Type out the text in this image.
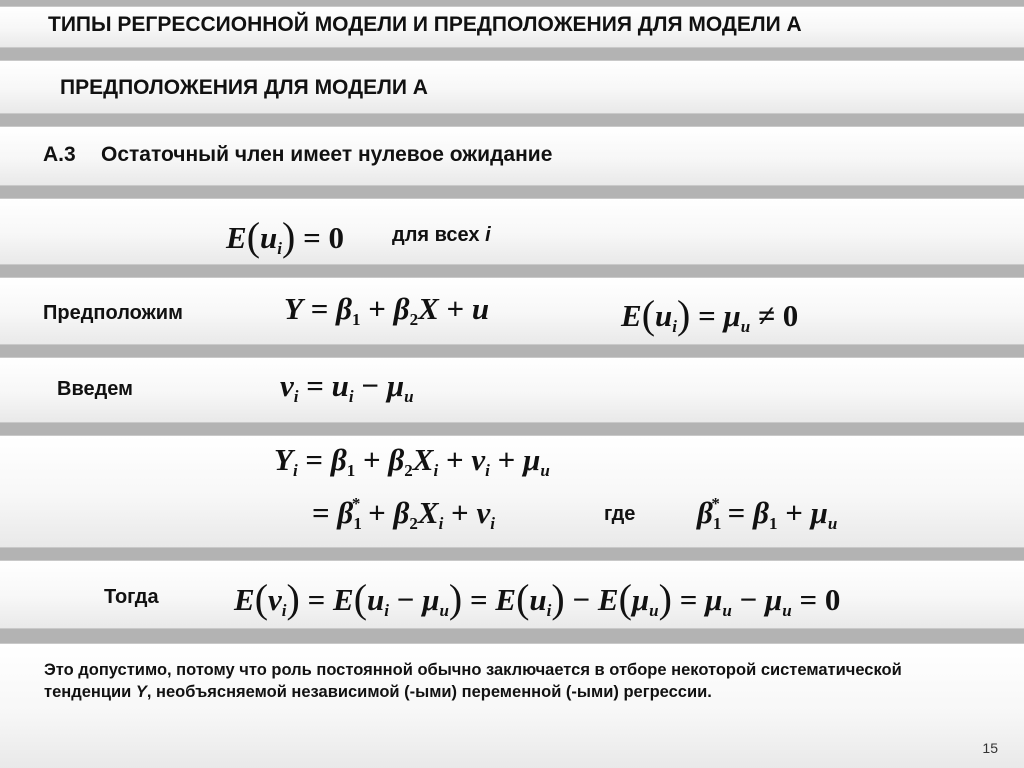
ТИПЫ РЕГРЕССИОННОЙ МОДЕЛИ И ПРЕДПОЛОЖЕНИЯ ДЛЯ МОДЕЛИ А
ПРЕДПОЛОЖЕНИЯ ДЛЯ МОДЕЛИ А
A.3 Остаточный член имеет нулевое ожидание
$E(u_i) = 0$ для всех i
Предположим	$Y = \beta_1 + \beta_2X + u$	$E(u_i) = \mu_u \ne 0$
Введем	$v_i = u_i - \mu_u$
$Y_i = \beta_1 + \beta_2X_i + v_i + \mu_u$
= $\beta_1^* + \beta_2X_i + v_i$	где $\beta_1^* = \beta_1 + \mu_u$
Тогда $E(v_i) = E(u_i - \mu_u) = E(u_i) - E(\mu_u) = \mu_u - \mu_u = 0$
Это допустимо, потому что роль постоянной обычно заключается в отборе некоторой систематической тенденции Y, необъясняемой независимой (-ыми) переменной (-ыми) регрессии.
15
